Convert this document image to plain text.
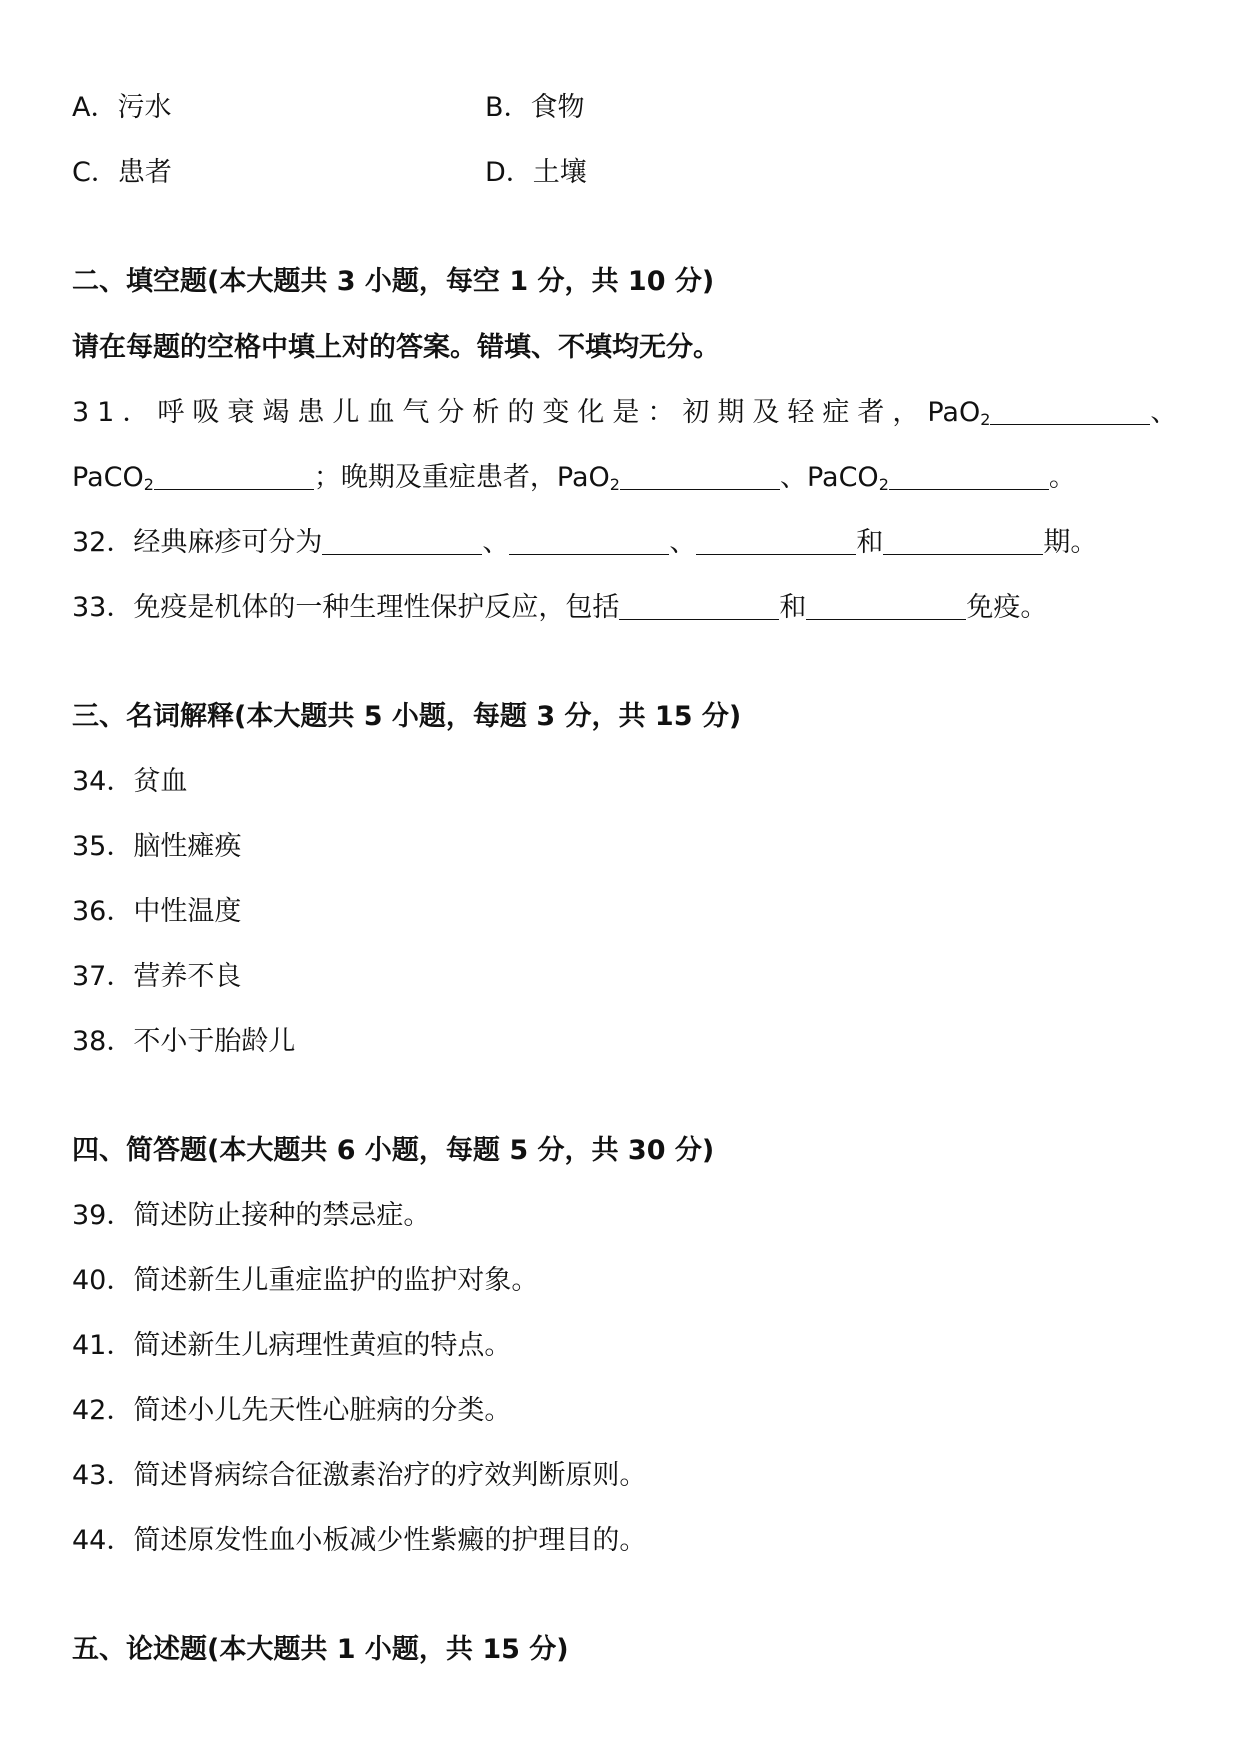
A．污水	B．食物
C．患者	D．土壤
二、填空题(本大题共 3 小题，每空 1 分，共 10 分)
请在每题的空格中填上对的答案。错填、不填均无分。
31．呼吸衰竭患儿血气分析的变化是：初期及轻症者，PaO$_2$	、
PaCO$_2$	；晚期及重症患者，PaO$_2$	、PaCO$_2$	。
32．经典麻疹可分为	、	、	和	期。
33．免疫是机体的一种生理性保护反应，包括	和	免疫。
三、名词解释(本大题共 5 小题，每题 3 分，共 15 分)
34．贫血
35．脑性瘫痪
36．中性温度
37．营养不良
38．不小于胎龄儿
四、简答题(本大题共 6 小题，每题 5 分，共 30 分)
39．简述防止接种的禁忌症。
40．简述新生儿重症监护的监护对象。
41．简述新生儿病理性黄疸的特点。
42．简述小儿先天性心脏病的分类。
43．简述肾病综合征激素治疗的疗效判断原则。
44．简述原发性血小板减少性紫癜的护理目的。
五、论述题(本大题共 1 小题，共 15 分)
